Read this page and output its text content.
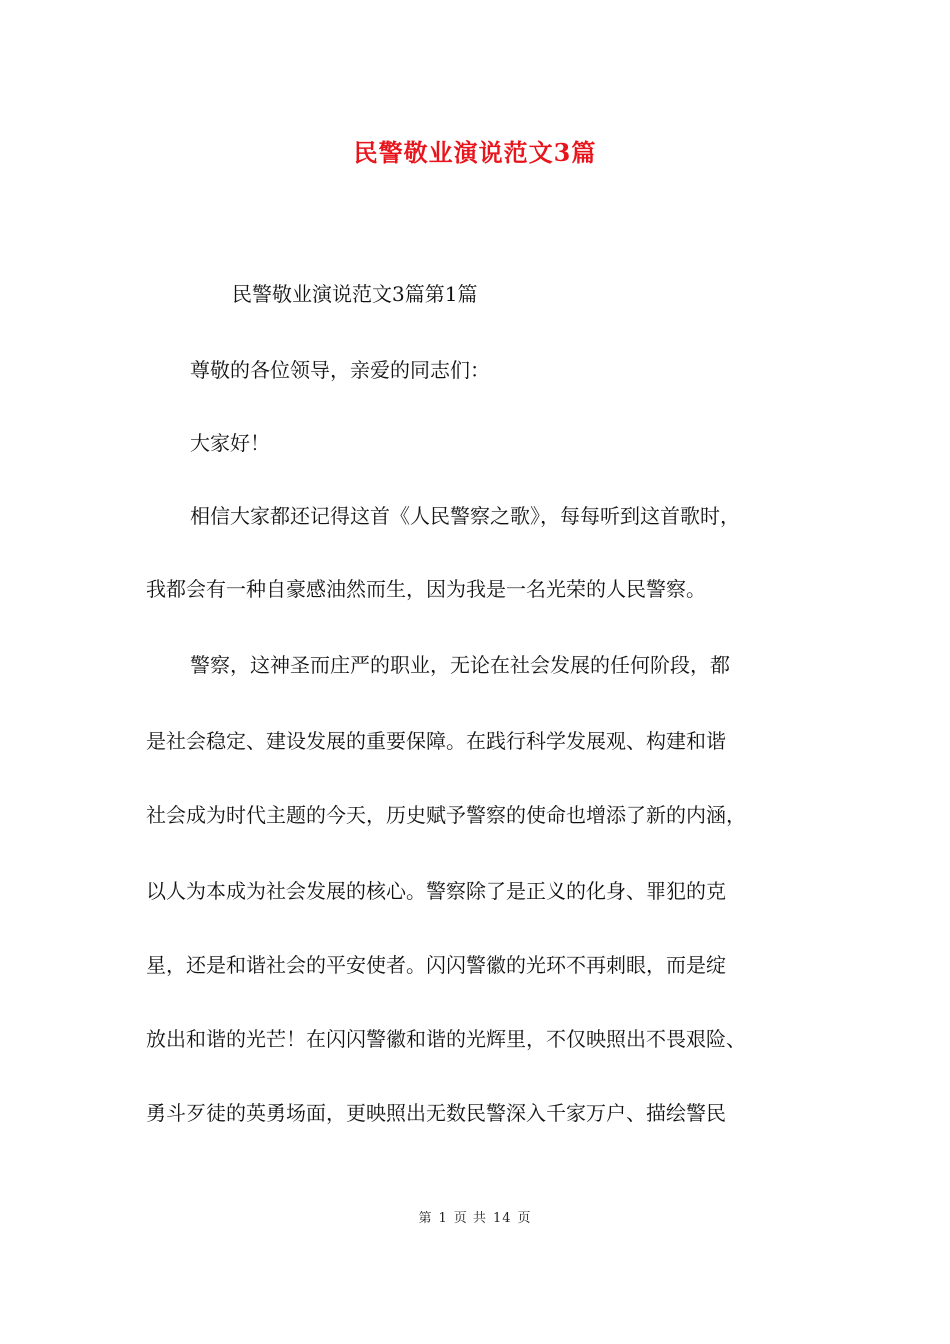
民警敬业演说范文3篇
民警敬业演说范文3篇第1篇
尊敬的各位领导，亲爱的同志们：
大家好！
相信大家都还记得这首《人民警察之歌》，每每听到这首歌时，
我都会有一种自豪感油然而生，因为我是一名光荣的人民警察。
警察，这神圣而庄严的职业，无论在社会发展的任何阶段，都
是社会稳定、建设发展的重要保障。在践行科学发展观、构建和谐
社会成为时代主题的今天，历史赋予警察的使命也增添了新的内涵，
以人为本成为社会发展的核心。警察除了是正义的化身、罪犯的克
星，还是和谐社会的平安使者。闪闪警徽的光环不再刺眼，而是绽
放出和谐的光芒！在闪闪警徽和谐的光辉里，不仅映照出不畏艰险、
勇斗歹徒的英勇场面，更映照出无数民警深入千家万户、描绘警民
第 1 页 共 14 页
